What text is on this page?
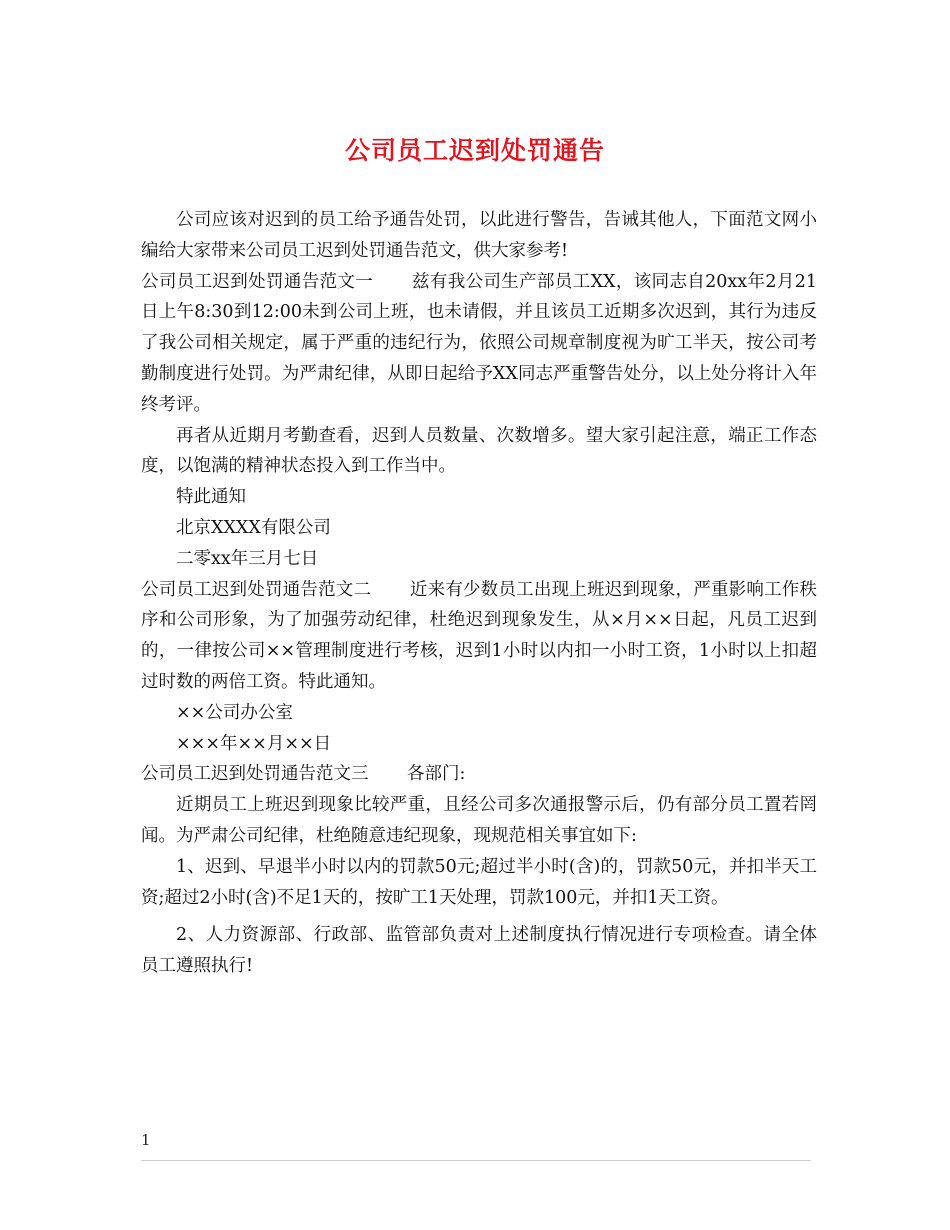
公司员工迟到处罚通告

公司应该对迟到的员工给予通告处罚，以此进行警告，告诫其他人，下面范文网小编给大家带来公司员工迟到处罚通告范文，供大家参考!

公司员工迟到处罚通告范文一 兹有我公司生产部员工XX，该同志自20xx年2月21日上午8:30到12:00未到公司上班，也未请假，并且该员工近期多次迟到，其行为违反了我公司相关规定，属于严重的违纪行为，依照公司规章制度视为旷工半天，按公司考勤制度进行处罚。为严肃纪律，从即日起给予XX同志严重警告处分，以上处分将计入年终考评。

再者从近期月考勤查看，迟到人员数量、次数增多。望大家引起注意，端正工作态度，以饱满的精神状态投入到工作当中。

特此通知

北京XXXX有限公司

二零xx年三月七日

公司员工迟到处罚通告范文二 近来有少数员工出现上班迟到现象，严重影响工作秩序和公司形象，为了加强劳动纪律，杜绝迟到现象发生，从×月××日起，凡员工迟到的，一律按公司××管理制度进行考核，迟到1小时以内扣一小时工资，1小时以上扣超过时数的两倍工资。特此通知。

××公司办公室

×××年××月××日

公司员工迟到处罚通告范文三 各部门:

近期员工上班迟到现象比较严重，且经公司多次通报警示后，仍有部分员工置若罔闻。为严肃公司纪律，杜绝随意违纪现象，现规范相关事宜如下:

1、迟到、早退半小时以内的罚款50元;超过半小时(含)的，罚款50元，并扣半天工资;超过2小时(含)不足1天的，按旷工1天处理，罚款100元，并扣1天工资。

2、人力资源部、行政部、监管部负责对上述制度执行情况进行专项检查。请全体员工遵照执行!

1
